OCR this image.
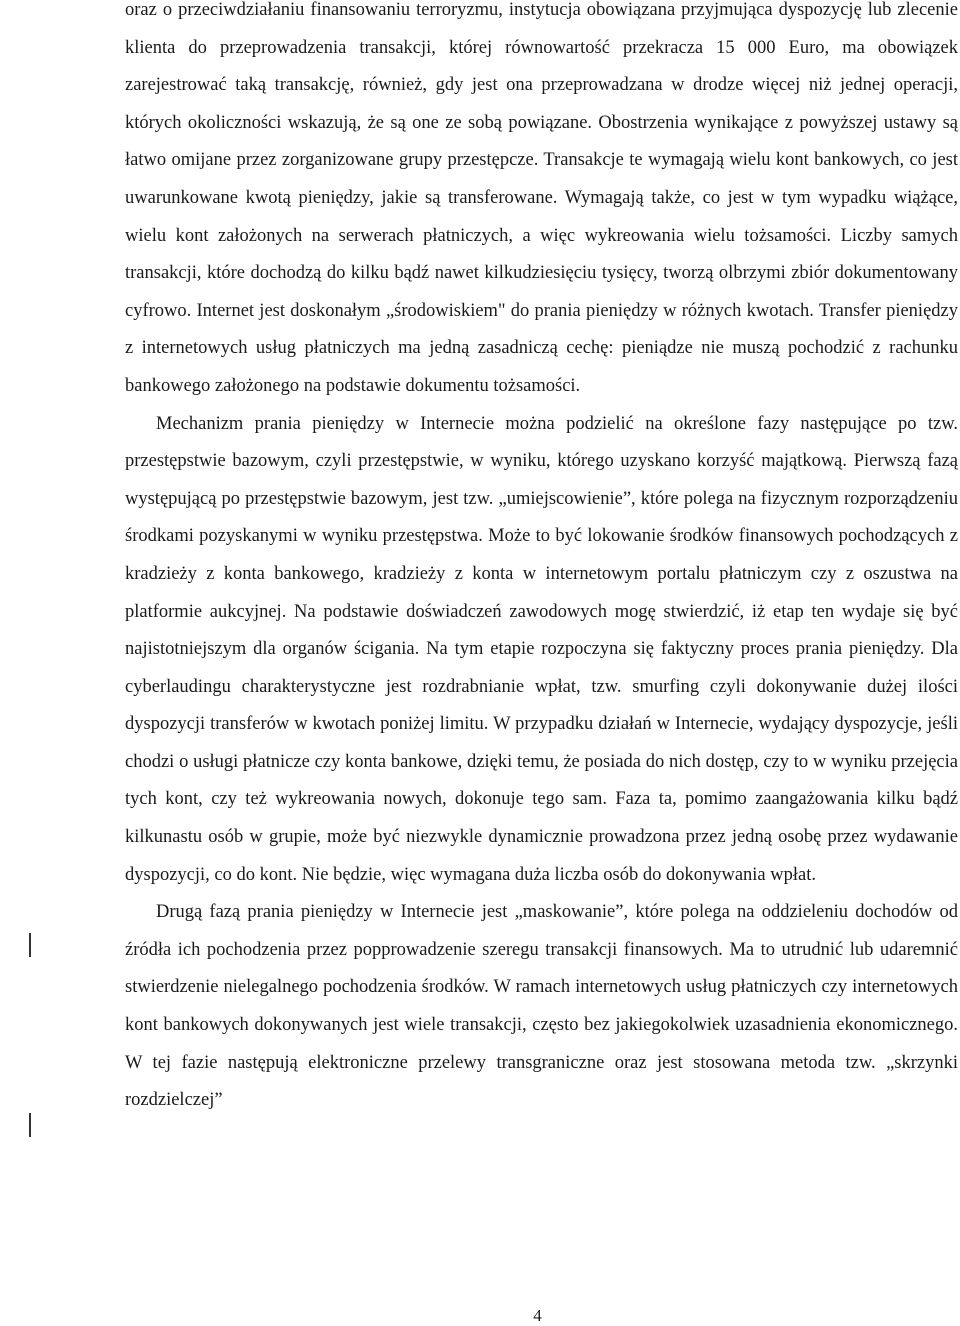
oraz o przeciwdziałaniu finansowaniu terroryzmu, instytucja obowiązana przyjmująca dyspozycję lub zlecenie klienta do przeprowadzenia transakcji, której równowartość przekracza 15 000 Euro, ma obowiązek zarejestrować taką transakcję, również, gdy jest ona przeprowadzana w drodze więcej niż jednej operacji, których okoliczności wskazują, że są one ze sobą powiązane. Obostrzenia wynikające z powyższej ustawy są łatwo omijane przez zorganizowane grupy przestępcze. Transakcje te wymagają wielu kont bankowych, co jest uwarunkowane kwotą pieniędzy, jakie są transferowane. Wymagają także, co jest w tym wypadku wiążące, wielu kont założonych na serwerach płatniczych, a więc wykreowania wielu tożsamości. Liczby samych transakcji, które dochodzą do kilku bądź nawet kilkudziesięciu tysięcy, tworzą olbrzymi zbiór dokumentowany cyfrowo. Internet jest doskonałym „środowiskiem" do prania pieniędzy w różnych kwotach. Transfer pieniędzy z internetowych usług płatniczych ma jedną zasadniczą cechę: pieniądze nie muszą pochodzić z rachunku bankowego założonego na podstawie dokumentu tożsamości.

Mechanizm prania pieniędzy w Internecie można podzielić na określone fazy następujące po tzw. przestępstwie bazowym, czyli przestępstwie, w wyniku, którego uzyskano korzyść majątkową. Pierwszą fazą występującą po przestępstwie bazowym, jest tzw. „umiejscowienie”, które polega na fizycznym rozporządzeniu środkami pozyskanymi w wyniku przestępstwa. Może to być lokowanie środków finansowych pochodzących z kradzieży z konta bankowego, kradzieży z konta w internetowym portalu płatniczym czy z oszustwa na platformie aukcyjnej. Na podstawie doświadczeń zawodowych mogę stwierdzić, iż etap ten wydaje się być najistotniejszym dla organów ścigania. Na tym etapie rozpoczyna się faktyczny proces prania pieniędzy. Dla cyberlaudingu charakterystyczne jest rozdrabnianie wpłat, tzw. smurfing czyli dokonywanie dużej ilości dyspozycji transferów w kwotach poniżej limitu. W przypadku działań w Internecie, wydający dyspozycje, jeśli chodzi o usługi płatnicze czy konta bankowe, dzięki temu, że posiada do nich dostęp, czy to w wyniku przejęcia tych kont, czy też wykreowania nowych, dokonuje tego sam. Faza ta, pomimo zaangażowania kilku bądź kilkunastu osób w grupie, może być niezwykle dynamicznie prowadzona przez jedną osobę przez wydawanie dyspozycji, co do kont. Nie będzie, więc wymagana duża liczba osób do dokonywania wpłat.

Drugą fazą prania pieniędzy w Internecie jest „maskowanie”, które polega na oddzieleniu dochodów od źródła ich pochodzenia przez popprowadzenie szeregu transakcji finansowych. Ma to utrudnić lub udaremnić stwierdzenie nielegalnego pochodzenia środków. W ramach internetowych usług płatniczych czy internetowych kont bankowych dokonywanych jest wiele transakcji, często bez jakiegokolwiek uzasadnienia ekonomicznego. W tej fazie następują elektroniczne przelewy transgraniczne oraz jest stosowana metoda tzw. „skrzynki rozdzielczej”

4
